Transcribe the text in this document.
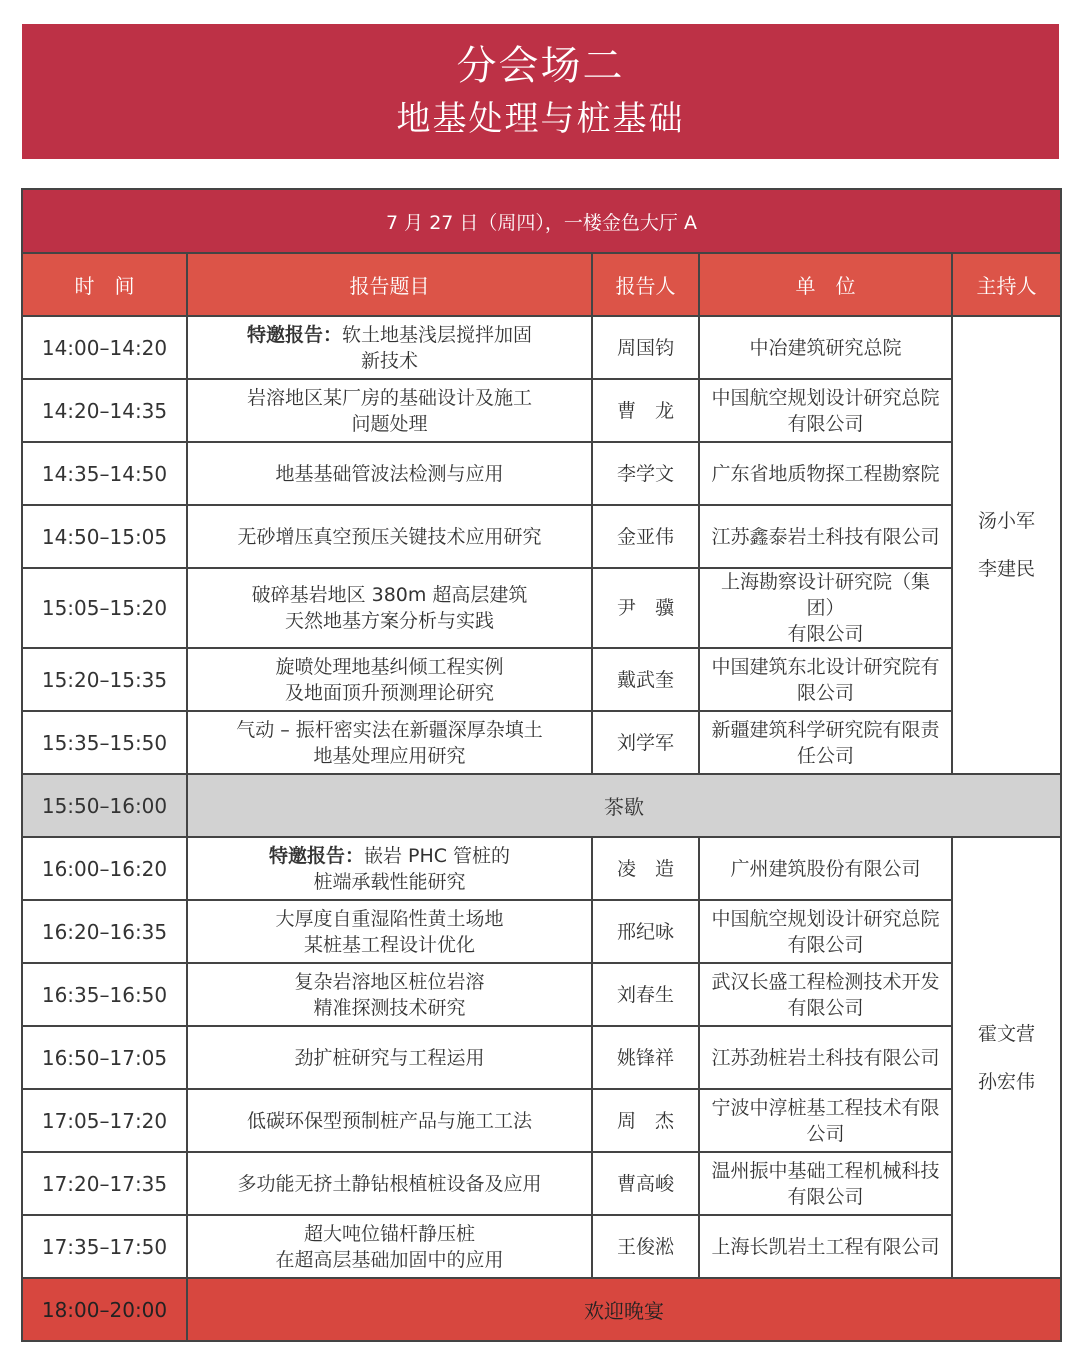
分会场二
地基处理与桩基础
7 月 27 日（周四），一楼金色大厅 A				
时　间	报告题目	报告人	单　位	主持人
14:00–14:20	特邀报告：软土地基浅层搅拌加固
新技术	周国钧	中冶建筑研究总院	汤小军
李建民

14:20–14:35	岩溶地区某厂房的基础设计及施工
问题处理	曹　龙	中国航空规划设计研究总院
有限公司	
14:35–14:50	地基基础管波法检测与应用	李学文	广东省地质物探工程勘察院	
14:50–15:05	无砂增压真空预压关键技术应用研究	金亚伟	江苏鑫泰岩土科技有限公司	
15:05–15:20	破碎基岩地区 380m 超高层建筑
天然地基方案分析与实践	尹　骥	上海勘察设计研究院（集团）
有限公司	
15:20–15:35	旋喷处理地基纠倾工程实例
及地面顶升预测理论研究	戴武奎	中国建筑东北设计研究院有
限公司	
15:35–15:50	气动 – 振杆密实法在新疆深厚杂填土
地基处理应用研究	刘学军	新疆建筑科学研究院有限责
任公司	
15:50–16:00	茶歇			
16:00–16:20	特邀报告：嵌岩 PHC 管桩的
桩端承载性能研究	凌　造	广州建筑股份有限公司	霍文营
孙宏伟

16:20–16:35	大厚度自重湿陷性黄土场地
某桩基工程设计优化	邢纪咏	中国航空规划设计研究总院
有限公司	
16:35–16:50	复杂岩溶地区桩位岩溶
精准探测技术研究	刘春生	武汉长盛工程检测技术开发
有限公司	
16:50–17:05	劲扩桩研究与工程运用	姚锋祥	江苏劲桩岩土科技有限公司	
17:05–17:20	低碳环保型预制桩产品与施工工法	周　杰	宁波中淳桩基工程技术有限
公司	
17:20–17:35	多功能无挤土静钻根植桩设备及应用	曹高峻	温州振中基础工程机械科技
有限公司	
17:35–17:50	超大吨位锚杆静压桩
在超高层基础加固中的应用	王俊淞	上海长凯岩土工程有限公司	
18:00–20:00	欢迎晚宴			
